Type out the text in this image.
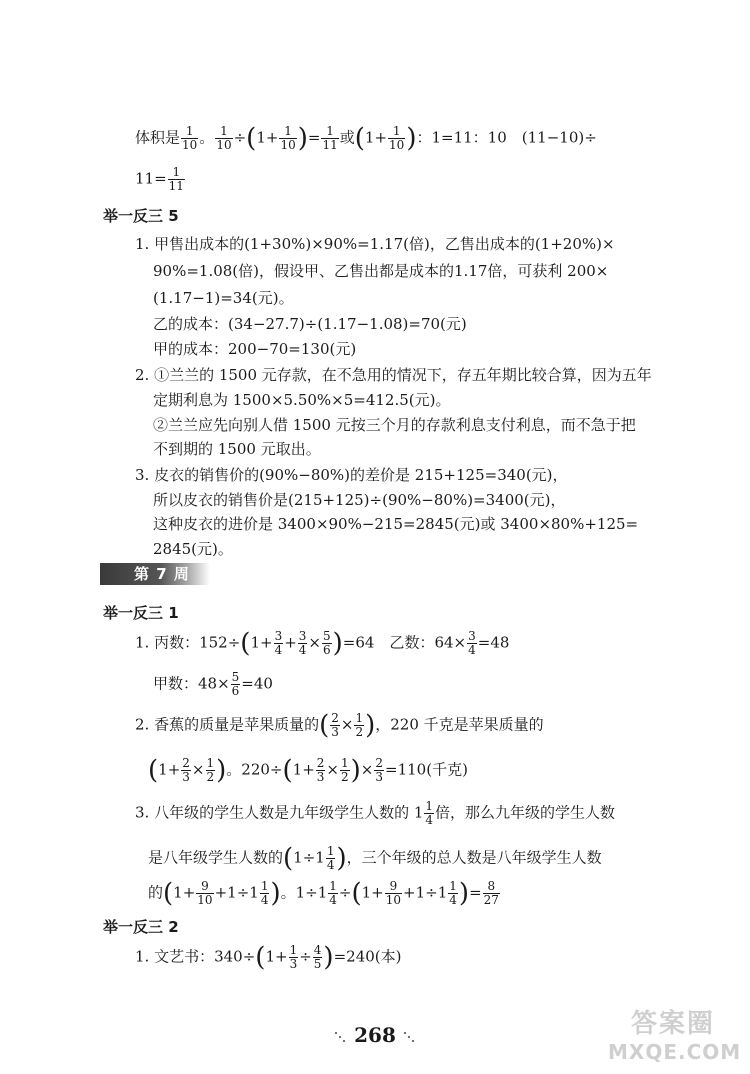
体积是 $\frac{1}{10}$ 。 $\frac{1}{10} \div(1+ \frac{1}{10}$ )= $\frac{1}{11}$ 或($1+ \frac{1}{10}$ )：1=11：10　(11−10)÷
$11= \frac{1}{11}$
举一反三 5
1. 甲售出成本的(1+30%)×90%=1.17(倍)，乙售出成本的(1+20%)×
90%=1.08(倍)，假设甲、乙售出都是成本的1.17倍，可获利 200×
(1.17−1)=34(元)。
乙的成本：(34−27.7)÷(1.17−1.08)=70(元)
甲的成本：200−70=130(元)
2. ①兰兰的 1500 元存款，在不急用的情况下，存五年期比较合算，因为五年
定期利息为 1500×5.50%×5=412.5(元)。
②兰兰应先向别人借 1500 元按三个月的存款利息支付利息，而不急于把
不到期的 1500 元取出。
3. 皮衣的销售价的(90%−80%)的差价是 215+125=340(元)，
所以皮衣的销售价是(215+125)÷(90%−80%)=3400(元)，
这种皮衣的进价是 3400×90%−215=2845(元)或 3400×80%+125=
2845(元)。
第 7 周
举一反三 1
1. 丙数：$152\div(1+ \frac{3}{4} + \frac{3}{4} \times \frac{5}{6} )=64$　乙数：$64\times \frac{3}{4} =48$
甲数：$48\times \frac{5}{6} =40$
2. 香蕉的质量是苹果质量的( $\frac{2}{3} \times \frac{1}{2}$ )，220 千克是苹果质量的
($1+ \frac{2}{3} \times \frac{1}{2}$ )。$220\div(1+ \frac{2}{3} \times \frac{1}{2}$ )× $\frac{2}{3} =110$(千克)
3. 八年级的学生人数是九年级学生人数的 $1 \frac{1}{4}$ 倍，那么九年级的学生人数
是八年级学生人数的($1\div 1 \frac{1}{4}$ )，三个年级的总人数是八年级学生人数
的($1+ \frac{9}{10} +1\div 1 \frac{1}{4}$ )。$1\div 1 \frac{1}{4} \div(1+ \frac{9}{10} +1\div 1 \frac{1}{4}$ )= $\frac{8}{27}$
举一反三 2
1. 文艺书：$340\div(1+ \frac{1}{3} \div \frac{4}{5} )=240$(本)
268	答案圈
MXQE.COM
